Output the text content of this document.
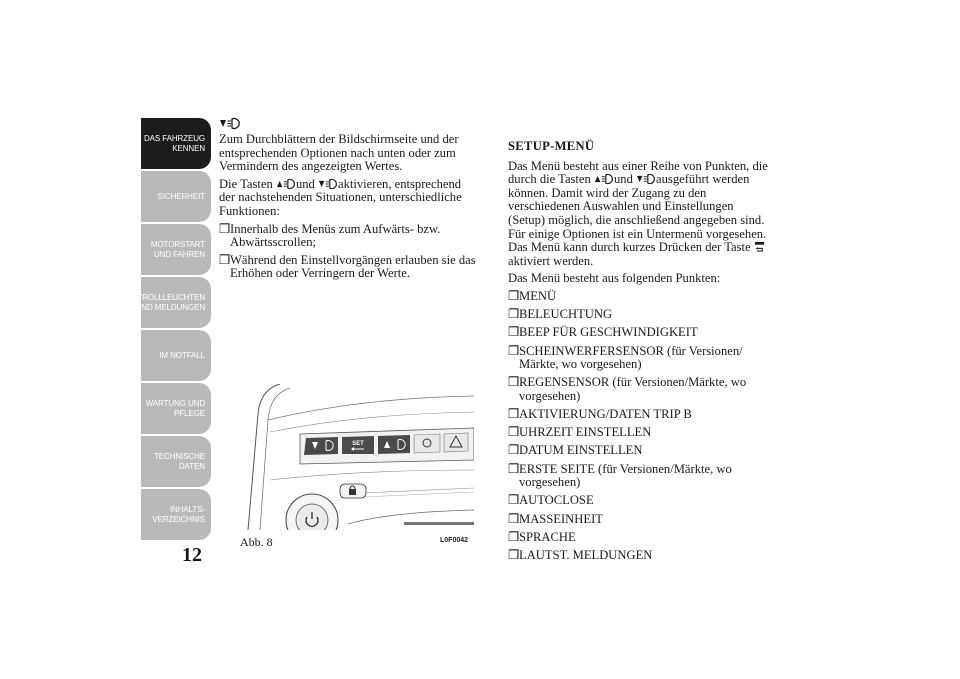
DAS FAHRZEUG KENNEN
SICHERHEIT
MOTORSTART UND FAHREN
KONTROLLLEUCHTEN UND MELDUNGEN
IM NOTFALL
WARTUNG UND PFLEGE
TECHNISCHE DATEN
INHALTS-VERZEICHNIS
12

Zum Durchblättern der Bildschirmseite und der entsprechenden Optionen nach unten oder zum Vermindern des angezeigten Wertes.

Die Tasten und aktivieren, entsprechend der nachstehenden Situationen, unterschiedliche Funktionen:

❒ Innerhalb des Menüs zum Aufwärts- bzw. Abwärtsscrollen;
❒ Während den Einstellvorgängen erlauben sie das Erhöhen oder Verringern der Werte.

SETUP-MENÜ

Das Menü besteht aus einer Reihe von Punkten, die durch die Tasten und ausgeführt werden können. Damit wird der Zugang zu den verschiedenen Auswahlen und Einstellungen (Setup) möglich, die anschließend angegeben sind. Für einige Optionen ist ein Untermenü vorgesehen. Das Menü kann durch kurzes Drücken der Taste aktiviert werden.

Das Menü besteht aus folgenden Punkten:

❒ MENÜ
❒ BELEUCHTUNG
❒ BEEP FÜR GESCHWINDIGKEIT
❒ SCHEINWERFERSENSOR (für Versionen/ Märkte, wo vorgesehen)
❒ REGENSENSOR (für Versionen/Märkte, wo vorgesehen)
❒ AKTIVIERUNG/DATEN TRIP B
❒ UHRZEIT EINSTELLEN
❒ DATUM EINSTELLEN
❒ ERSTE SEITE (für Versionen/Märkte, wo vorgesehen)
❒ AUTOCLOSE
❒ MASSEINHEIT
❒ SPRACHE
❒ LAUTST. MELDUNGEN
SET
Abb. 8	L0F0042
